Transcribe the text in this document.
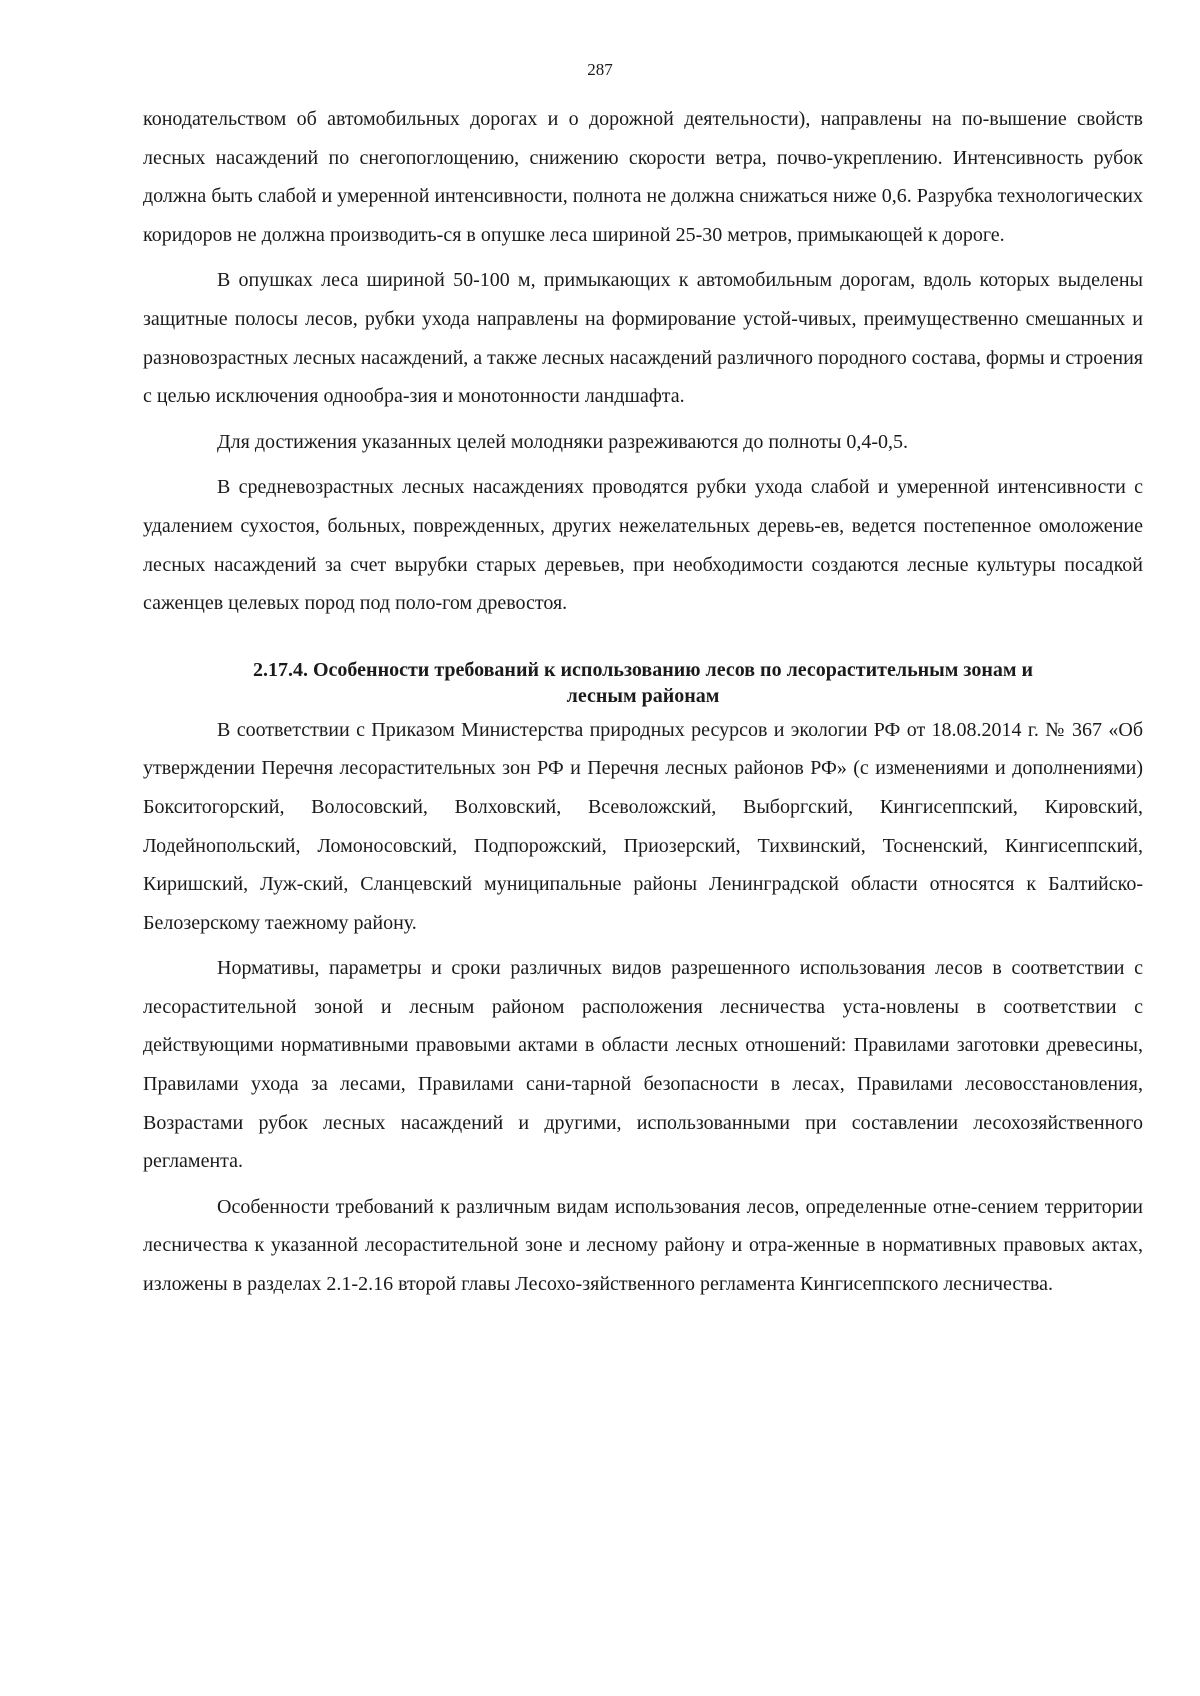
287

конодательством об автомобильных дорогах и о дорожной деятельности), направлены на по-вышение свойств лесных насаждений по снегопоглощению, снижению скорости ветра, почво-укреплению. Интенсивность рубок должна быть слабой и умеренной интенсивности, полнота не должна снижаться ниже 0,6. Разрубка технологических коридоров не должна производить-ся в опушке леса шириной 25-30 метров, примыкающей к дороге.

В опушках леса шириной 50-100 м, примыкающих к автомобильным дорогам, вдоль которых выделены защитные полосы лесов, рубки ухода направлены на формирование устой-чивых, преимущественно смешанных и разновозрастных лесных насаждений, а также лесных насаждений различного породного состава, формы и строения с целью исключения однообра-зия и монотонности ландшафта.

Для достижения указанных целей молодняки разреживаются до полноты 0,4-0,5.

В средневозрастных лесных насаждениях проводятся рубки ухода слабой и умеренной интенсивности с удалением сухостоя, больных, поврежденных, других нежелательных деревь-ев, ведется постепенное омоложение лесных насаждений за счет вырубки старых деревьев, при необходимости создаются лесные культуры посадкой саженцев целевых пород под поло-гом древостоя.

2.17.4. Особенности требований к использованию лесов по лесорастительным зонам и

лесным районам

В соответствии с Приказом Министерства природных ресурсов и экологии РФ от 18.08.2014 г. № 367 «Об утверждении Перечня лесорастительных зон РФ и Перечня лесных районов РФ» (с изменениями и дополнениями) Бокситогорский, Волосовский, Волховский, Всеволожский, Выборгский, Кингисеппский, Кировский, Лодейнопольский, Ломоносовский, Подпорожский, Приозерский, Тихвинский, Тосненский, Кингисеппский, Киришский, Луж-ский, Сланцевский муниципальные районы Ленинградской области относятся к Балтийско-Белозерскому таежному району.

Нормативы, параметры и сроки различных видов разрешенного использования лесов в соответствии с лесорастительной зоной и лесным районом расположения лесничества уста-новлены в соответствии с действующими нормативными правовыми актами в области лесных отношений: Правилами заготовки древесины, Правилами ухода за лесами, Правилами сани-тарной безопасности в лесах, Правилами лесовосстановления, Возрастами рубок лесных насаждений и другими, использованными при составлении лесохозяйственного регламента.

Особенности требований к различным видам использования лесов, определенные отне-сением территории лесничества к указанной лесорастительной зоне и лесному району и отра-женные в нормативных правовых актах, изложены в разделах 2.1-2.16 второй главы Лесохо-зяйственного регламента Кингисеппского лесничества.
